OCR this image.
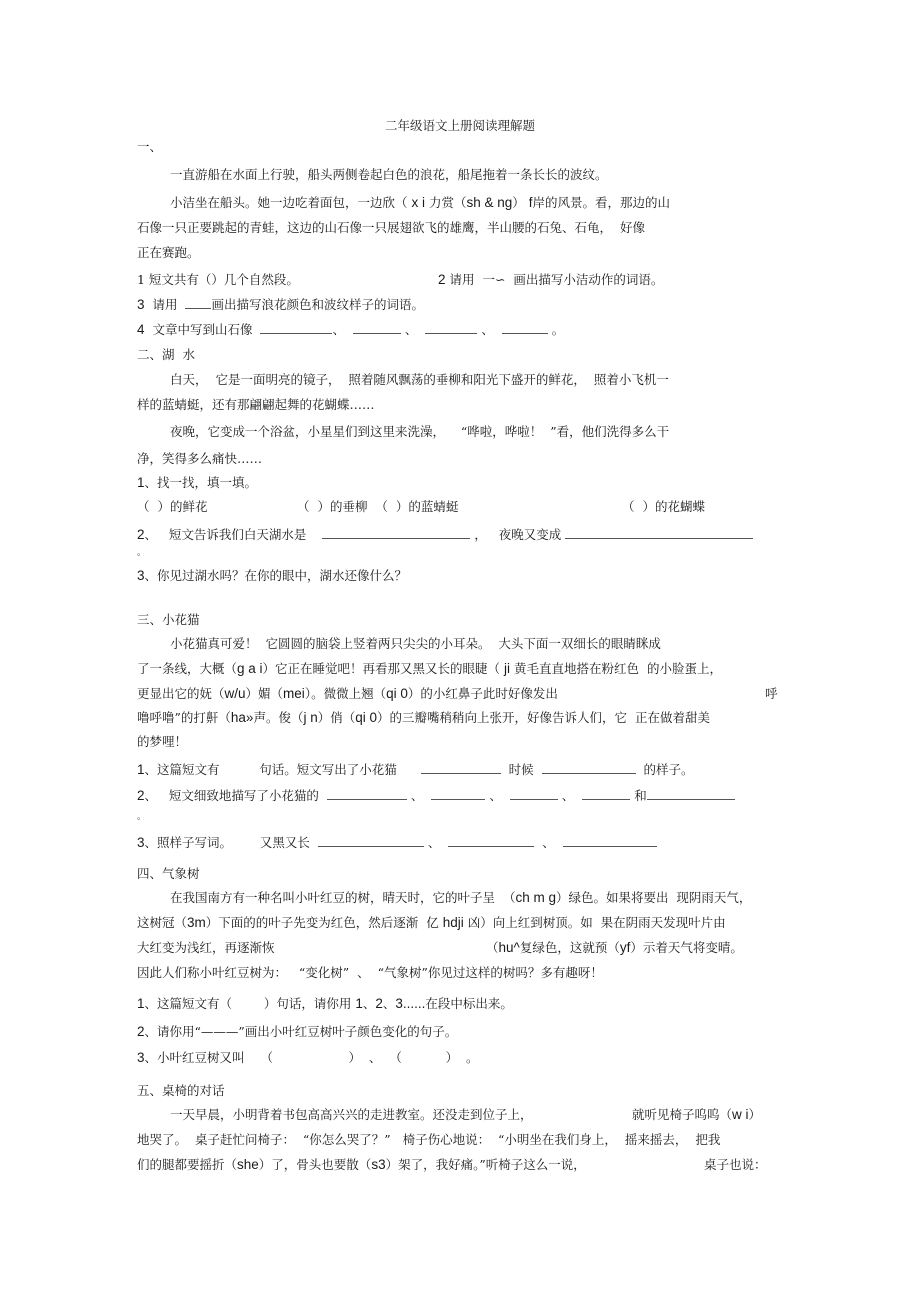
二年级语文上册阅读理解题
一、
一直游船在水面上行驶，船头两侧卷起白色的浪花，船尾拖着一条长长的波纹。
小洁坐在船头。她一边吃着面包，一边欣（ x i 力赏（sh & ng） f岸的风景。看，那边的山
石像一只正要跳起的青蛙，这边的山石像一只展翅欲飞的雄鹰，半山腰的石兔、石龟，  好像
正在赛跑。
1 短文共有（）几个自然段。	2 请用  一∽  画出描写小洁动作的词语。
3 请用	画出描写浪花颜色和波纹样子的词语。
4 文章中写到山石像	、	、	、	。
二、湖  水
白天，  它是一面明亮的镜子，  照着随风飘荡的垂柳和阳光下盛开的鲜花，  照着小飞机一
样的蓝蜻蜓，还有那翩翩起舞的花蝴蝶……
夜晚，它变成一个浴盆，小星星们到这里来洗澡，    “哗啦，哗啦！  ”看，他们洗得多么干
净，笑得多么痛快……
1、找一找，填一填。
（  ）的鲜花	（  ）的垂柳  （  ）的蓝蜻蜓	（  ）的花蝴蝶
2、   短文告诉我们白天湖水是	，   夜晚又变成
。
3、你见过湖水吗？在你的眼中，湖水还像什么？
三、小花猫
小花猫真可爱！  它圆圆的脑袋上竖着两只尖尖的小耳朵。  大头下面一双细长的眼睛眯成
了一条线，大概（g a i）它正在睡觉吧！再看那又黑又长的眼睫（ ji 黄毛直直地搭在粉红色  的小脸蛋上，
更显出它的妩（w/u）媚（mei）。微微上翘（qi 0）的小红鼻子此时好像发出	呼
噜呼噜”的打鼾（ha»声。俊（j n）俏（qi 0）的三瓣嘴稍稍向上张开，好像告诉人们，它  正在做着甜美
的梦哩！
1、这篇短文有	句话。短文写出了小花猫	时候	的样子。
2、   短文细致地描写了小花猫的	、	、	、	和
。
3、照样子写词。 又黑又长	、	、
四、气象树
在我国南方有一种名叫小叶红豆的树，晴天时，它的叶子呈  （ch m g）绿色。如果将要出  现阴雨天气，
这树冠（3m）下面的的叶子先变为红色，然后逐渐  亿 hdji 凶）向上红到树顶。如  果在阴雨天发现叶片由
大红变为浅红，再逐渐恢	（hu^复绿色，这就预（yf）示着天气将变晴。
因此人们称小叶红豆树为：   “变化树”  、  “气象树”你见过这样的树吗？多有趣呀！
1、这篇短文有（	）句话，请你用 1、2、3......在段中标出来。
2、请你用“———”画出小叶红豆树叶子颜色变化的句子。
3、小叶红豆树又叫 （	）  、  （	）  。
五、桌椅的对话
一天早晨，小明背着书包高高兴兴的走进教室。还没走到位子上，	就听见椅子呜呜（w i）
地哭了。  桌子赶忙问椅子：  “你怎么哭了？”   椅子伤心地说：  “小明坐在我们身上，  摇来摇去，  把我
们的腿都要摇折（she）了，骨头也要散（s3）架了，我好痛。”听椅子这么一说，	桌子也说：
